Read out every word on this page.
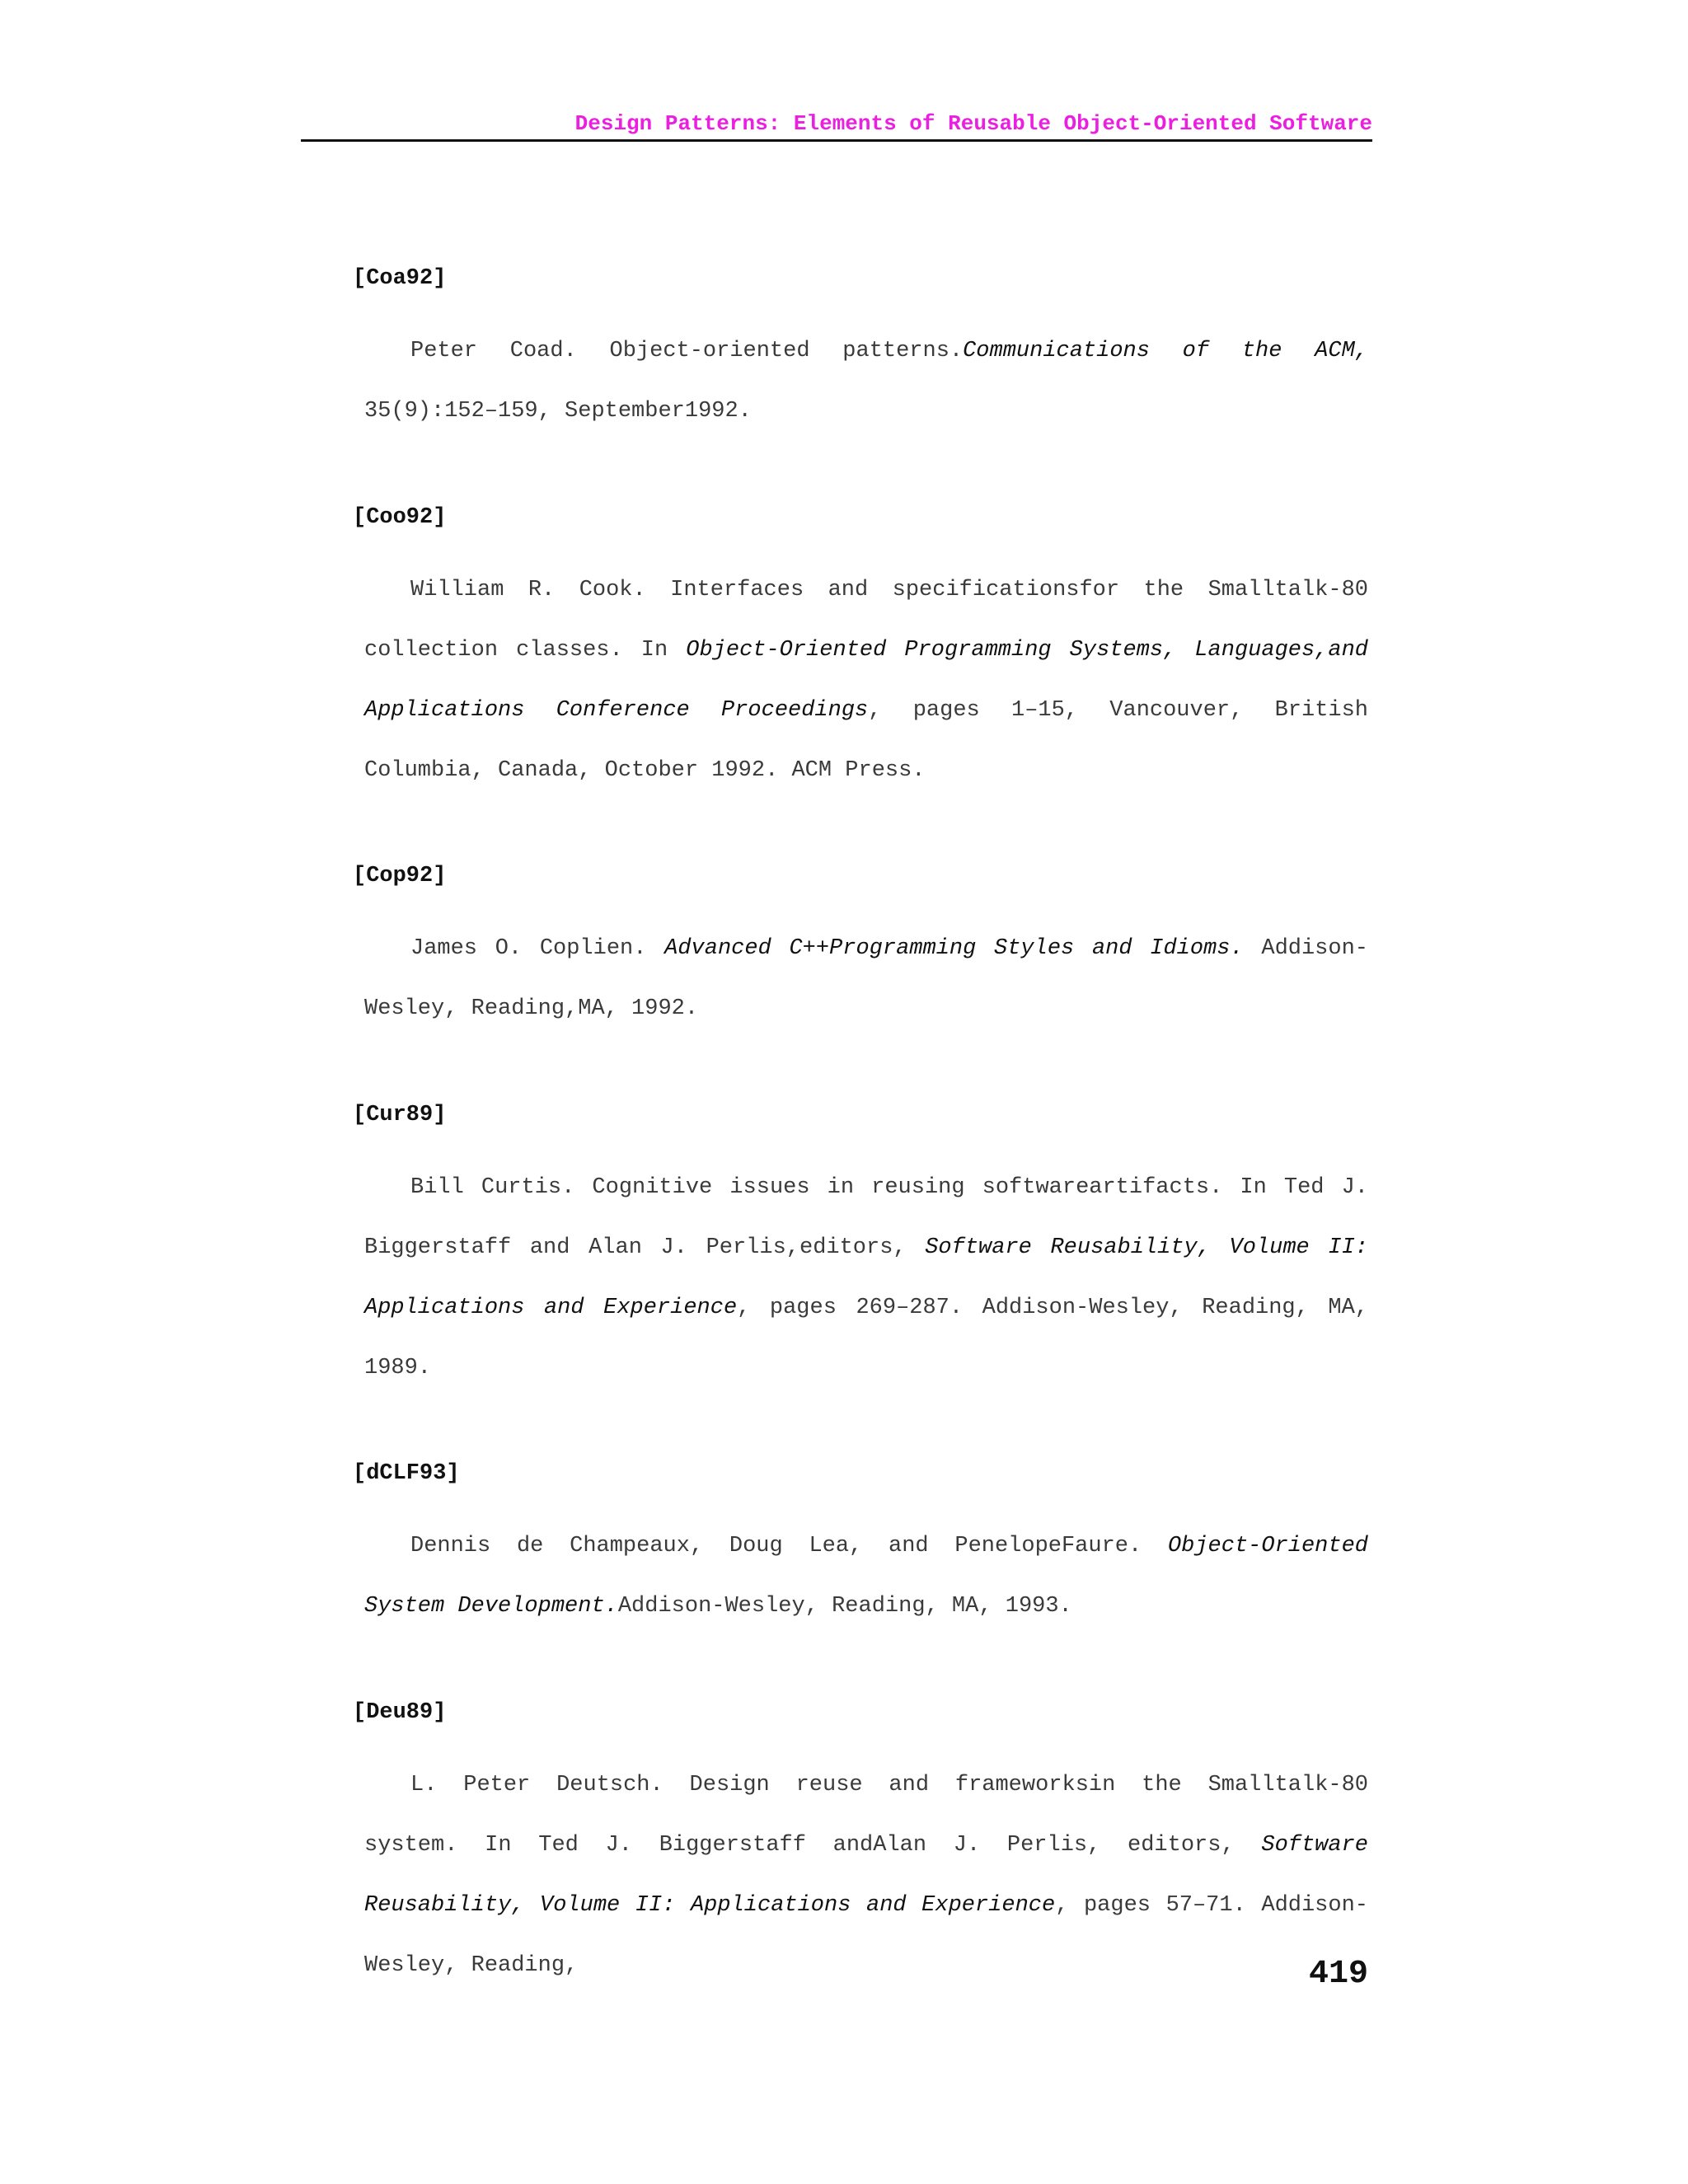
Design Patterns: Elements of Reusable Object-Oriented Software

[Coa92]

Peter Coad. Object-oriented patterns.Communications of the ACM, 35(9):152–159, September1992.

[Coo92]

William R. Cook. Interfaces and specificationsfor the Smalltalk-80 collection classes. In Object-Oriented Programming Systems, Languages,and Applications Conference Proceedings, pages 1–15, Vancouver, British Columbia, Canada, October 1992. ACM Press.

[Cop92]

James O. Coplien. Advanced C++Programming Styles and Idioms. Addison-Wesley, Reading,MA, 1992.

[Cur89]

Bill Curtis. Cognitive issues in reusing softwareartifacts. In Ted J. Biggerstaff and Alan J. Perlis,editors, Software Reusability, Volume II: Applications and Experience, pages 269–287. Addison-Wesley, Reading, MA, 1989.

[dCLF93]

Dennis de Champeaux, Doug Lea, and PenelopeFaure. Object-Oriented System Development.Addison-Wesley, Reading, MA, 1993.

[Deu89]

L. Peter Deutsch. Design reuse and frameworksin the Smalltalk-80 system. In Ted J. Biggerstaff andAlan J. Perlis, editors, Software Reusability, Volume II: Applications and Experience, pages 57–71. Addison-Wesley, Reading,	419
